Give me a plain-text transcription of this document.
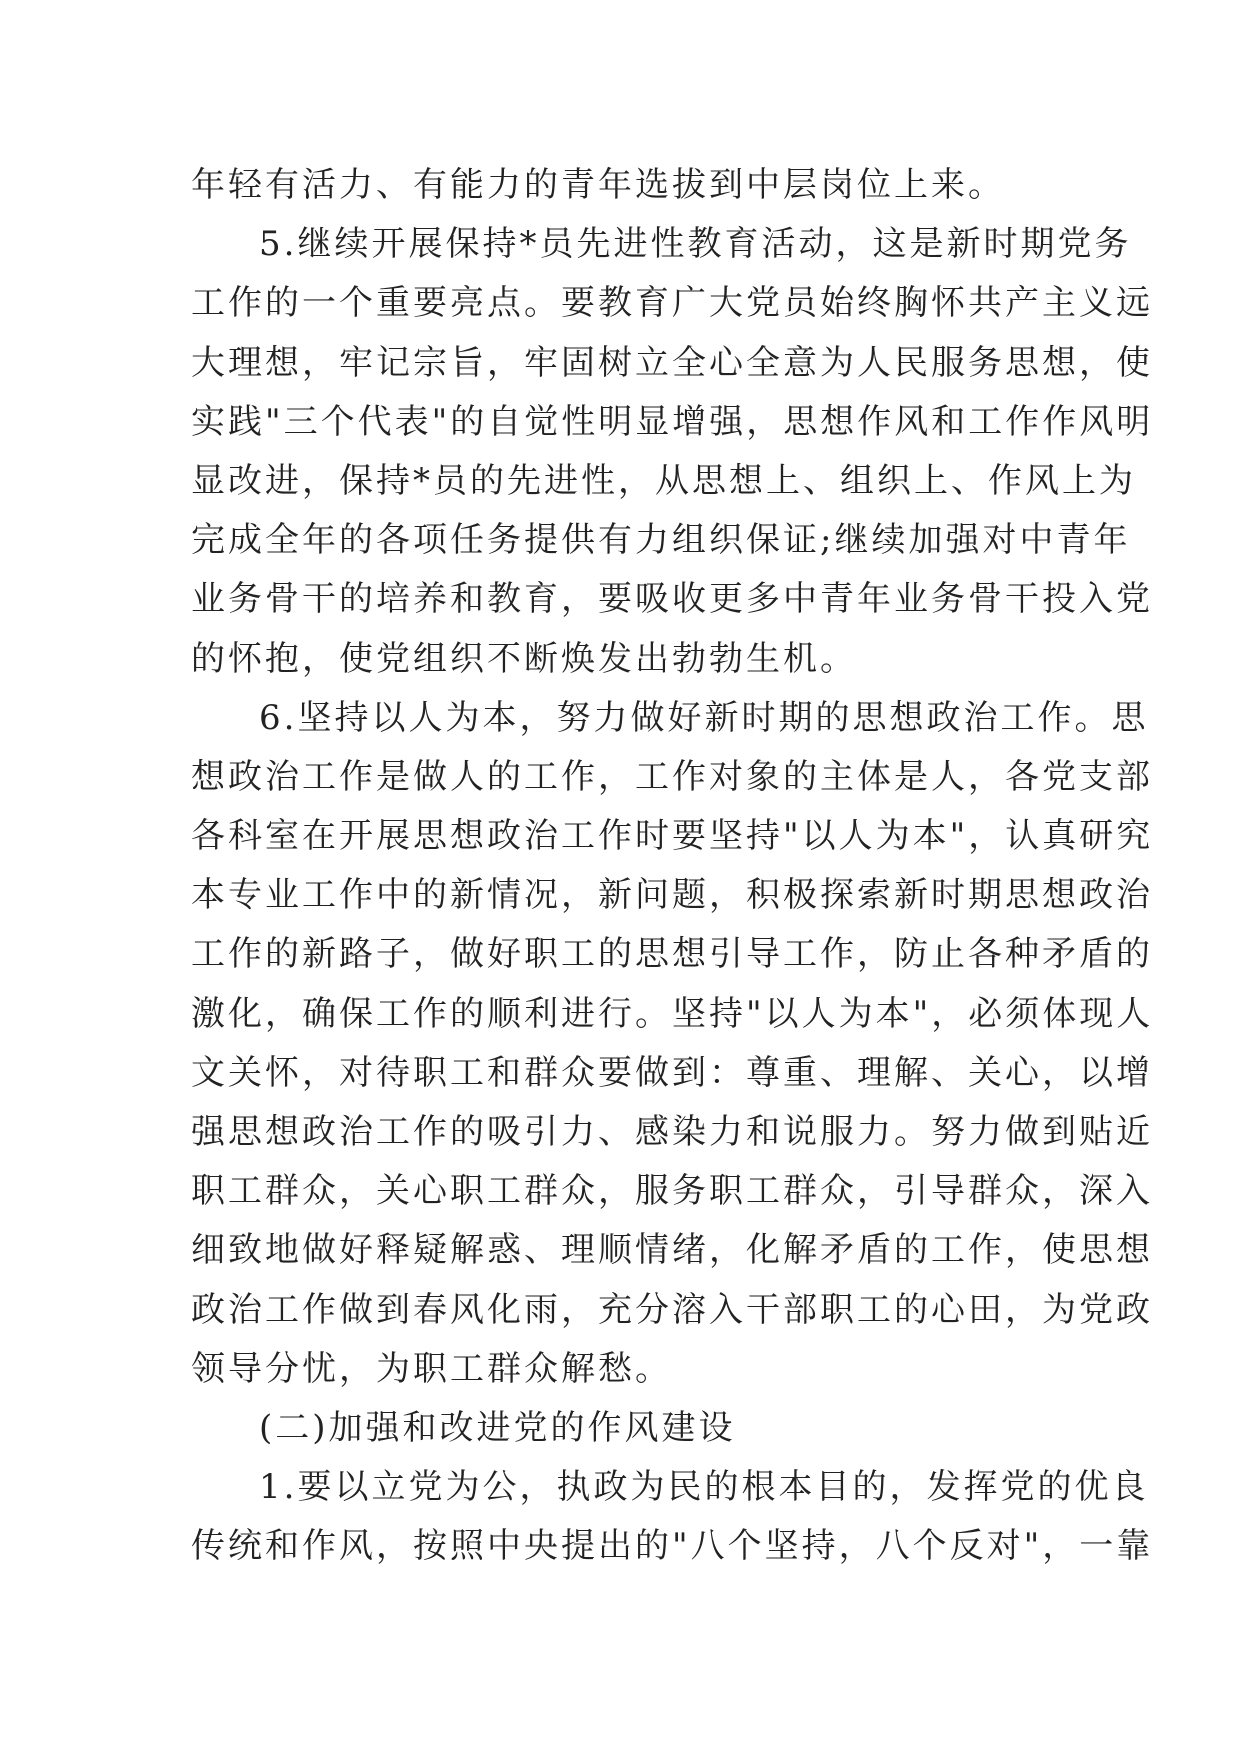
年轻有活力、有能力的青年选拔到中层岗位上来。
5.继续开展保持*员先进性教育活动，这是新时期党务
工作的一个重要亮点。要教育广大党员始终胸怀共产主义远
大理想，牢记宗旨，牢固树立全心全意为人民服务思想，使
实践"三个代表"的自觉性明显增强，思想作风和工作作风明
显改进，保持*员的先进性，从思想上、组织上、作风上为
完成全年的各项任务提供有力组织保证;继续加强对中青年
业务骨干的培养和教育，要吸收更多中青年业务骨干投入党
的怀抱，使党组织不断焕发出勃勃生机。
6.坚持以人为本，努力做好新时期的思想政治工作。思
想政治工作是做人的工作，工作对象的主体是人，各党支部
各科室在开展思想政治工作时要坚持"以人为本"，认真研究
本专业工作中的新情况，新问题，积极探索新时期思想政治
工作的新路子，做好职工的思想引导工作，防止各种矛盾的
激化，确保工作的顺利进行。坚持"以人为本"，必须体现人
文关怀，对待职工和群众要做到：尊重、理解、关心，以增
强思想政治工作的吸引力、感染力和说服力。努力做到贴近
职工群众，关心职工群众，服务职工群众，引导群众，深入
细致地做好释疑解惑、理顺情绪，化解矛盾的工作，使思想
政治工作做到春风化雨，充分溶入干部职工的心田，为党政
领导分忧，为职工群众解愁。
(二)加强和改进党的作风建设
1.要以立党为公，执政为民的根本目的，发挥党的优良
传统和作风，按照中央提出的"八个坚持，八个反对"，一靠
